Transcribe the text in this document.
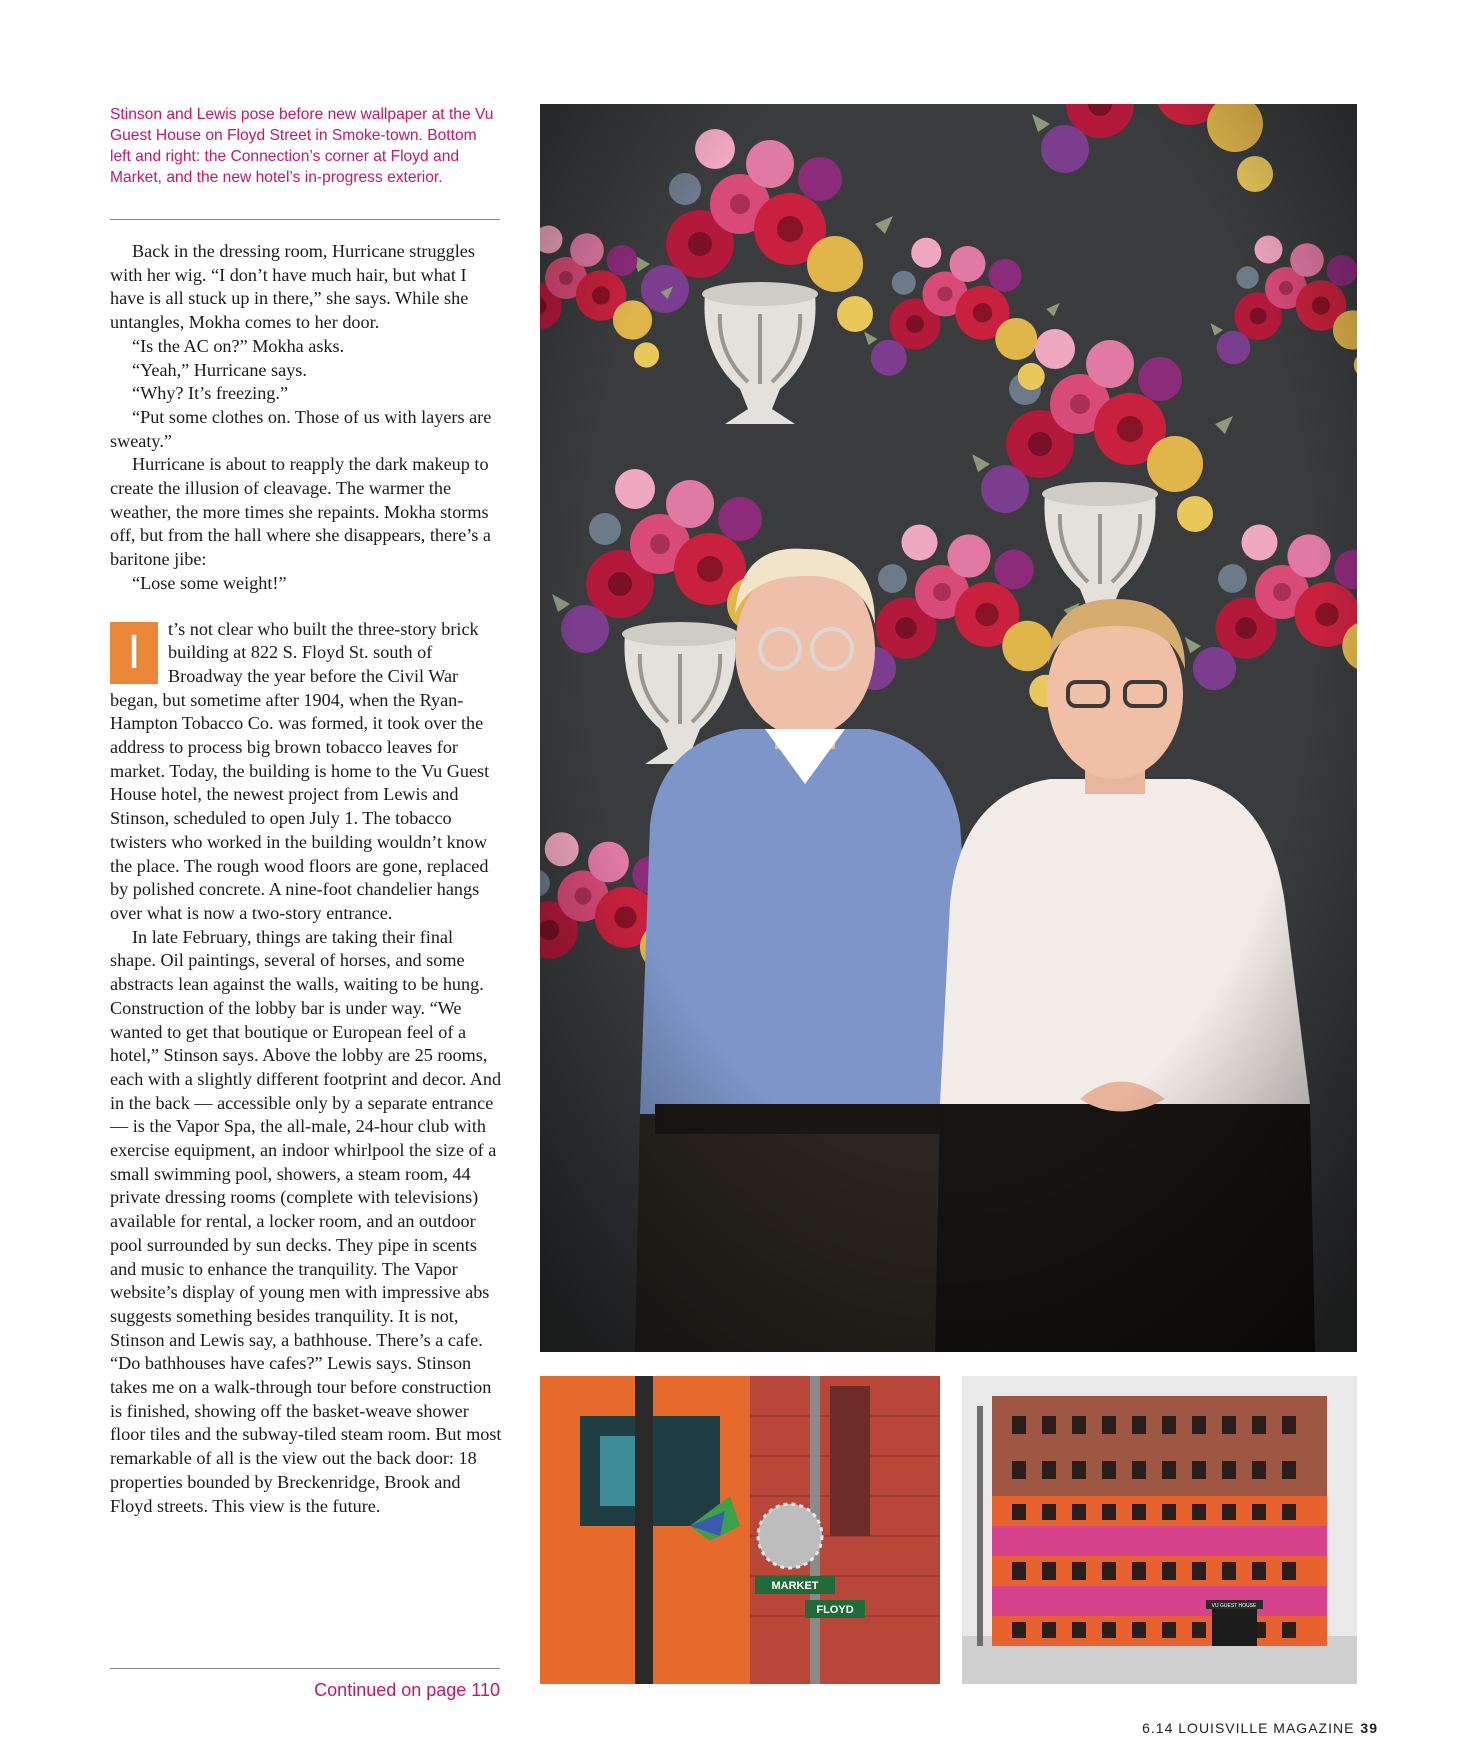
Stinson and Lewis pose before new wallpaper at the Vu Guest House on Floyd Street in Smoke-town. Bottom left and right: the Connection’s corner at Floyd and Market, and the new hotel’s in-progress exterior.

Back in the dressing room, Hurricane struggles with her wig. “I don’t have much hair, but what I have is all stuck up in there,” she says. While she untangles, Mokha comes to her door.

“Is the AC on?” Mokha asks.

“Yeah,” Hurricane says.

“Why? It’s freezing.”

“Put some clothes on. Those of us with layers are sweaty.”

Hurricane is about to reapply the dark makeup to create the illusion of cleavage. The warmer the weather, the more times she repaints. Mokha storms off, but from the hall where she disappears, there’s a baritone jibe:

“Lose some weight!”

I	t’s not clear who built the three-story brick building at 822 S. Floyd St. south of Broadway the year before the Civil War began, but sometime after 1904, when the Ryan-Hampton Tobacco Co. was formed, it took over the address to process big brown tobacco leaves for market. Today, the building is home to the Vu Guest House hotel, the newest project from Lewis and Stinson, scheduled to open July 1. The tobacco twisters who worked in the building wouldn’t know the place. The rough wood floors are gone, replaced by polished concrete. A nine-foot chandelier hangs over what is now a two-story entrance.

In late February, things are taking their final shape. Oil paintings, several of horses, and some abstracts lean against the walls, waiting to be hung. Construction of the lobby bar is under way. “We wanted to get that boutique or European feel of a hotel,” Stinson says. Above the lobby are 25 rooms, each with a slightly different footprint and decor. And in the back — accessible only by a separate entrance — is the Vapor Spa, the all-male, 24-hour club with exercise equipment, an indoor whirlpool the size of a small swimming pool, showers, a steam room, 44 private dressing rooms (complete with televisions) available for rental, a locker room, and an outdoor pool surrounded by sun decks. They pipe in scents and music to enhance the tranquility. The Vapor website’s display of young men with impressive abs suggests something besides tranquility. It is not, Stinson and Lewis say, a bathhouse. There’s a cafe. “Do bathhouses have cafes?” Lewis says. Stinson takes me on a walk-through tour before construction is finished, showing off the basket-weave shower floor tiles and the subway-tiled steam room. But most remarkable of all is the view out the back door: 18 properties bounded by Breckenridge, Brook and Floyd streets. This view is the future.

Continued on page 110
MARKET
FLOYD	VU GUEST HOUSE
6.14 LOUISVILLE MAGAZINE 39
